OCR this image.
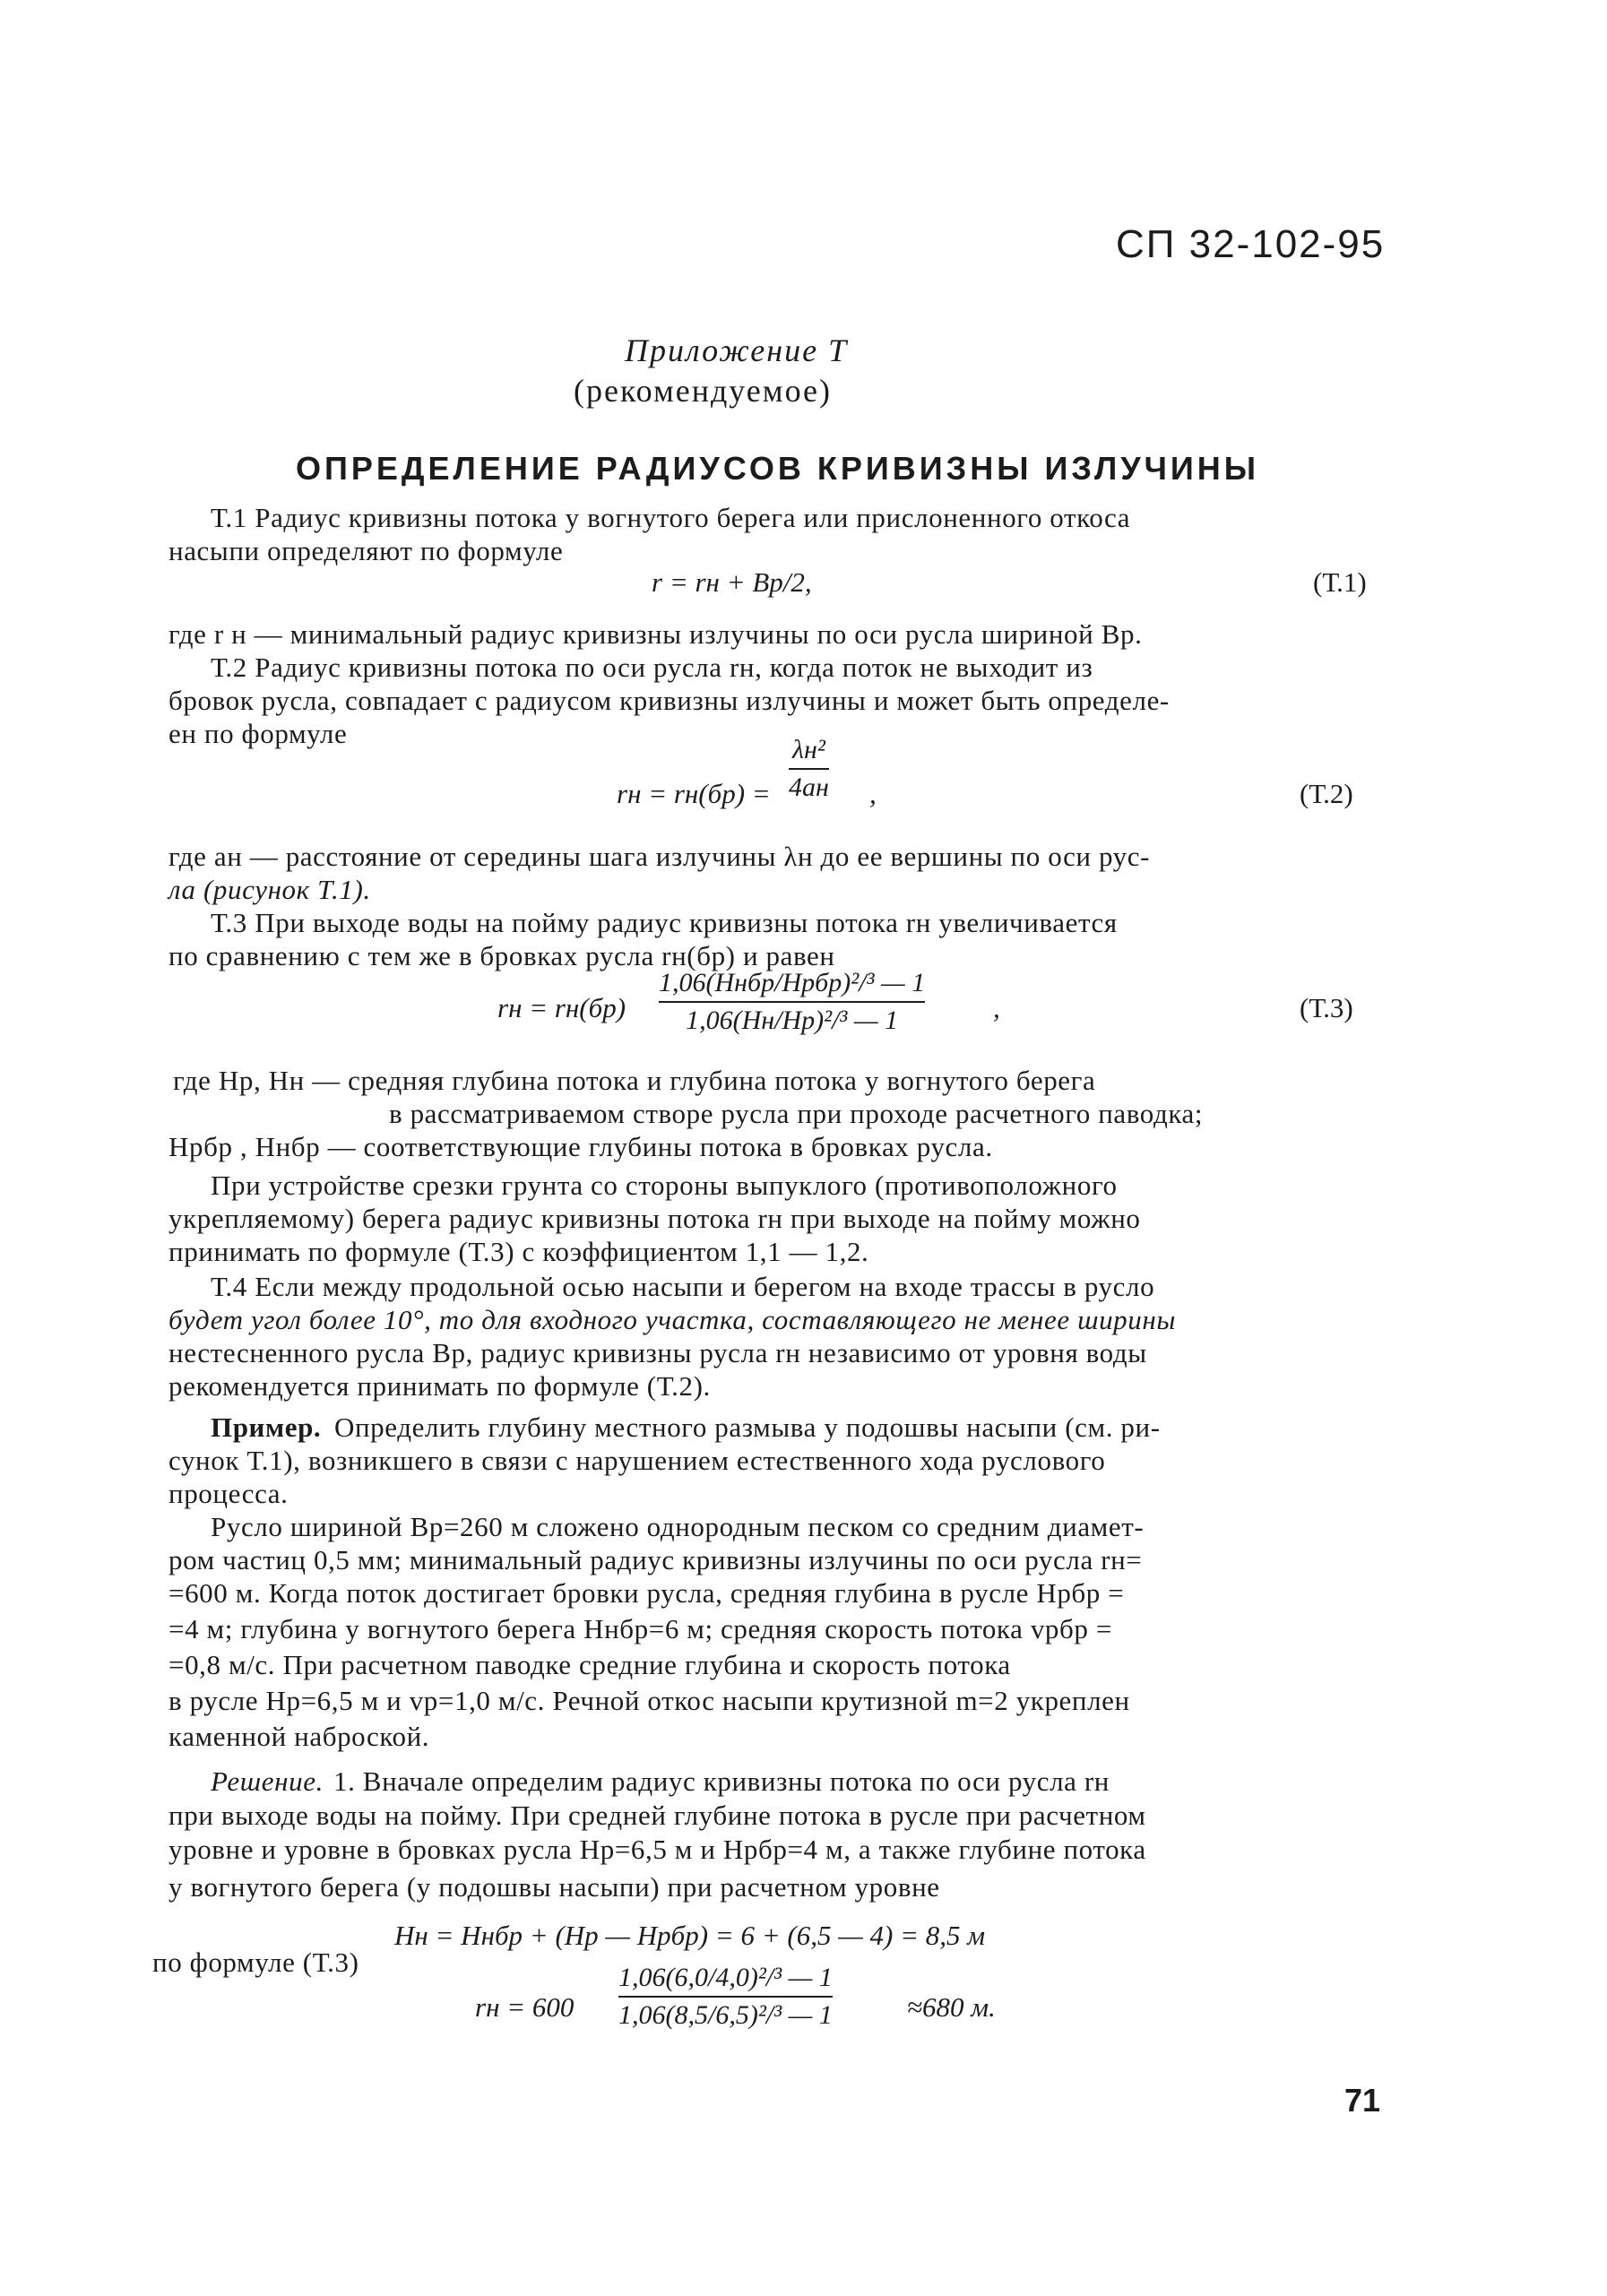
СП 32-102-95
Приложение Т
(рекомендуемое)
ОПРЕДЕЛЕНИЕ РАДИУСОВ КРИВИЗНЫ ИЗЛУЧИНЫ
Т.1 Радиус кривизны потока у вогнутого берега или прислоненного откоса
насыпи определяют по формуле
r = rн + Bр/2,	(Т.1)
где r н — минимальный радиус кривизны излучины по оси русла шириной Bр.
Т.2 Радиус кривизны потока по оси русла rн, когда поток не выходит из
бровок русла, совпадает с радиусом кривизны излучины и может быть определе-
ен по формуле
rн = rн(бр) =
λн²
4aн ,	(Т.2)
где aн — расстояние от середины шага излучины λн до ее вершины по оси рус-
ла (рисунок Т.1).
Т.3 При выходе воды на пойму радиус кривизны потока rн увеличивается
по сравнению с тем же в бровках русла rн(бр) и равен
rн = rн(бр)
1,06(Hнбр/Hрбр)²/³ — 1
1,06(Hн/Hр)²/³ — 1	,	(Т.3)
где Hр, Hн — средняя глубина потока и глубина потока у вогнутого берега
в рассматриваемом створе русла при проходе расчетного паводка;
Hрбр , Hнбр — соответствующие глубины потока в бровках русла.
При устройстве срезки грунта со стороны выпуклого (противоположного
укрепляемому) берега радиус кривизны потока rн при выходе на пойму можно
принимать по формуле (Т.3) с коэффициентом 1,1 — 1,2.
Т.4 Если между продольной осью насыпи и берегом на входе трассы в русло
будет угол более 10°, то для входного участка, составляющего не менее ширины
нестесненного русла Bр, радиус кривизны русла rн независимо от уровня воды
рекомендуется принимать по формуле (Т.2).
Пример. Определить глубину местного размыва у подошвы насыпи (см. ри-
сунок Т.1), возникшего в связи с нарушением естественного хода руслового
процесса.
Русло шириной Bр=260 м сложено однородным песком со средним диамет-
ром частиц 0,5 мм; минимальный радиус кривизны излучины по оси русла rн=
=600 м. Когда поток достигает бровки русла, средняя глубина в русле Hрбр =
=4 м; глубина у вогнутого берега Hнбр=6 м; средняя скорость потока vрбр =
=0,8 м/с. При расчетном паводке средние глубина и скорость потока
в русле Hр=6,5 м и vр=1,0 м/с. Речной откос насыпи крутизной m=2 укреплен
каменной наброской.
Решение. 1. Вначале определим радиус кривизны потока по оси русла rн
при выходе воды на пойму. При средней глубине потока в русле при расчетном
уровне и уровне в бровках русла Hр=6,5 м и Hрбр=4 м, а также глубине потока
у вогнутого берега (у подошвы насыпи) при расчетном уровне
Hн = Hнбр + (Hр — Hрбр) = 6 + (6,5 — 4) = 8,5 м
по формуле (Т.3)
rн = 600
1,06(6,0/4,0)²/³ — 1
1,06(8,5/6,5)²/³ — 1	≈680 м.
71
